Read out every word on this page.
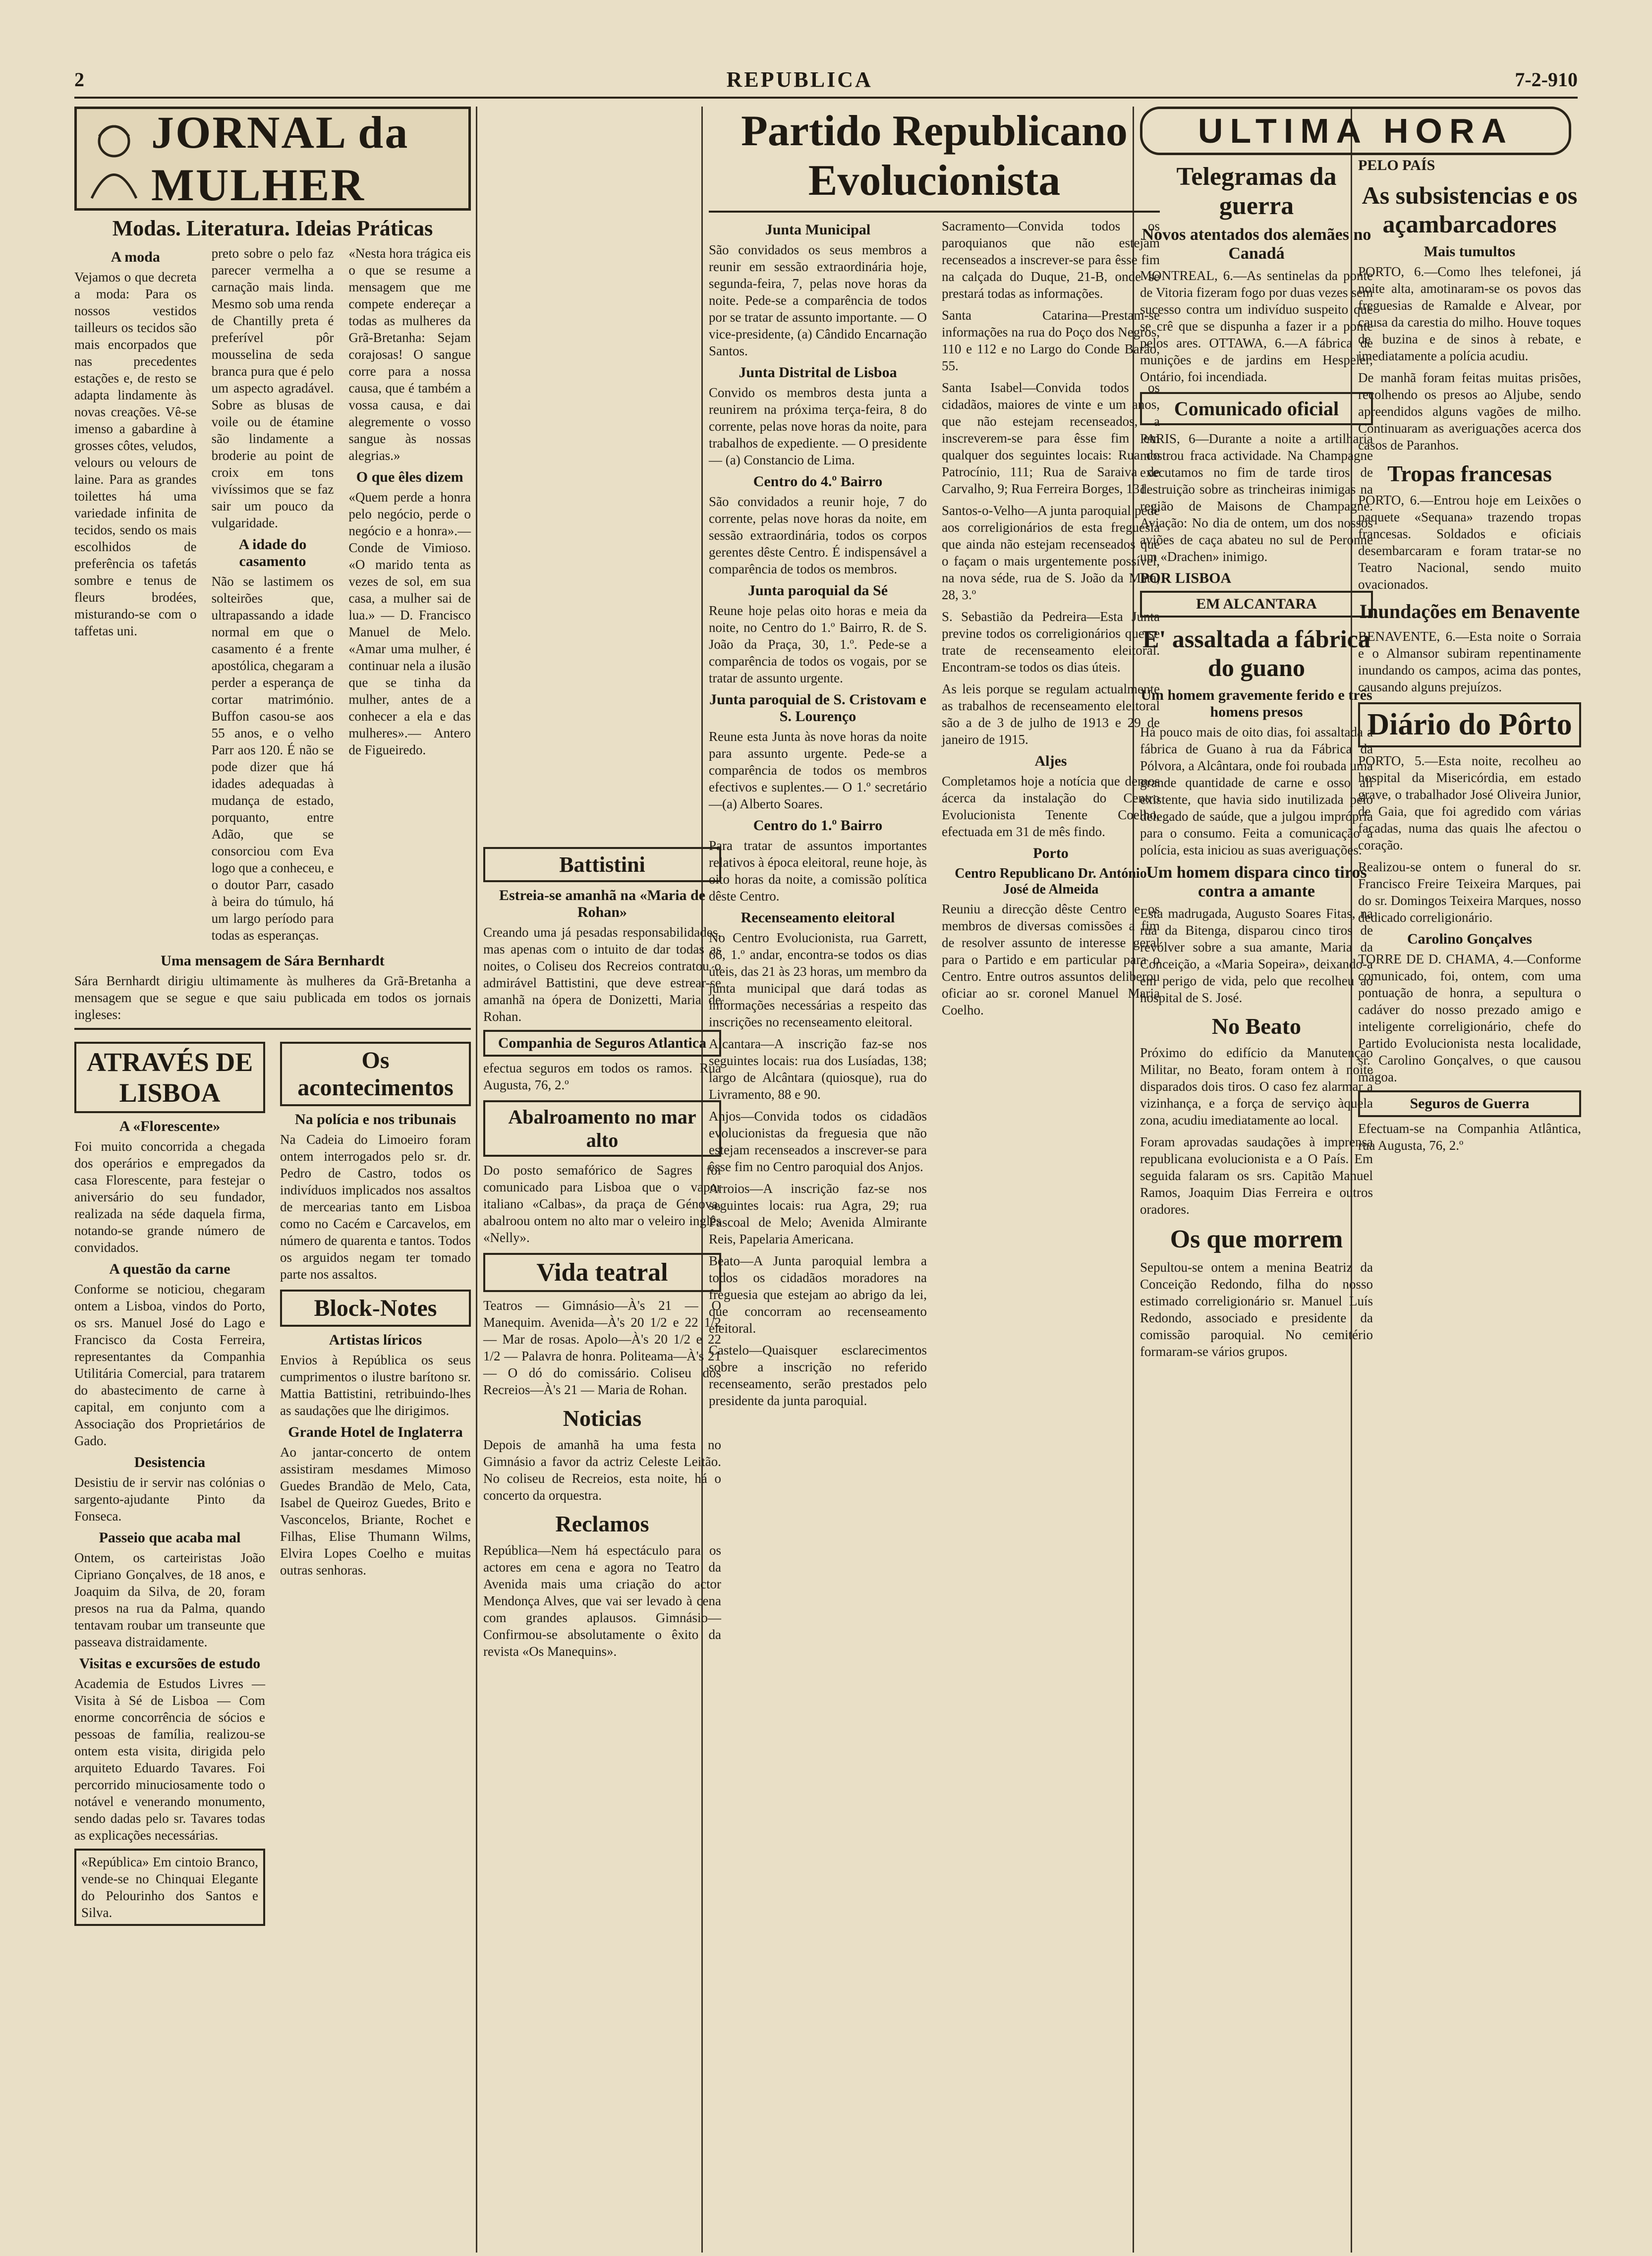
2	REPUBLICA	7-2-910
JORNAL da MULHER
Modas. Literatura. Ideias Práticas
A moda

Vejamos o que decreta a moda: Para os nossos vestidos tailleurs os tecidos são mais encorpados que nas precedentes estações e, de resto se adapta lindamente às novas creações. Vê-se imenso a gabardine à grosses côtes, veludos, velours ou velours de laine. Para as grandes toilettes há uma variedade infinita de tecidos, sendo os mais escolhidos de preferência os tafetás sombre e tenus de fleurs brodées, misturando-se com o taffetas uni.

preto sobre o pelo faz parecer vermelha a carnação mais linda. Mesmo sob uma renda de Chantilly preta é preferível pôr mousselina de seda branca pura que é pelo um aspecto agradável. Sobre as blusas de voile ou de étamine são lindamente a broderie au point de croix em tons vivíssimos que se faz sair um pouco da vulgaridade.

A idade do casamento

Não se lastimem os solteirões que, ultrapassando a idade normal em que o casamento é a frente apostólica, chegaram a perder a esperança de cortar matrimónio. Buffon casou-se aos 55 anos, e o velho Parr aos 120. É não se pode dizer que há idades adequadas à mudança de estado, porquanto, entre Adão, que se consorciou com Eva logo que a conheceu, e o doutor Parr, casado à beira do túmulo, há um largo período para todas as esperanças.

«Nesta hora trágica eis o que se resume a mensagem que me compete endereçar a todas as mulheres da Grã-Bretanha: Sejam corajosas! O sangue corre para a nossa causa, que é também a vossa causa, e dai alegremente o vosso sangue às nossas alegrias.»

O que êles dizem

«Quem perde a honra pelo negócio, perde o negócio e a honra».— Conde de Vimioso. «O marido tenta as vezes de sol, em sua casa, a mulher sai de lua.» — D. Francisco Manuel de Melo. «Amar uma mulher, é continuar nela a ilusão que se tinha da mulher, antes de a conhecer a ela e das mulheres».— Antero de Figueiredo.

Uma mensagem de Sára Bernhardt

Sára Bernhardt dirigiu ultimamente às mulheres da Grã-Bretanha a mensagem que se segue e que saiu publicada em todos os jornais ingleses:

ATRAVÉS DE LISBOA
A «Florescente»

Foi muito concorrida a chegada dos operários e empregados da casa Florescente, para festejar o aniversário do seu fundador, realizada na séde daquela firma, notando-se grande número de convidados.

A questão da carne

Conforme se noticiou, chegaram ontem a Lisboa, vindos do Porto, os srs. Manuel José do Lago e Francisco da Costa Ferreira, representantes da Companhia Utilitária Comercial, para tratarem do abastecimento de carne à capital, em conjunto com a Associação dos Proprietários de Gado.

Desistencia

Desistiu de ir servir nas colónias o sargento-ajudante Pinto da Fonseca.

Passeio que acaba mal

Ontem, os carteiristas João Cipriano Gonçalves, de 18 anos, e Joaquim da Silva, de 20, foram presos na rua da Palma, quando tentavam roubar um transeunte que passeava distraidamente.

Visitas e excursões de estudo

Academia de Estudos Livres — Visita à Sé de Lisboa — Com enorme concorrência de sócios e pessoas de família, realizou-se ontem esta visita, dirigida pelo arquiteto Eduardo Tavares. Foi percorrido minuciosamente todo o notável e venerando monumento, sendo dadas pelo sr. Tavares todas as explicações necessárias.

«República» Em cintoio Branco, vende-se no Chinquai Elegante do Pelourinho dos Santos e Silva.

Os acontecimentos
Na polícia e nos tribunais

Na Cadeia do Limoeiro foram ontem interrogados pelo sr. dr. Pedro de Castro, todos os indivíduos implicados nos assaltos de mercearias tanto em Lisboa como no Cacém e Carcavelos, em número de quarenta e tantos. Todos os arguidos negam ter tomado parte nos assaltos.

Block-Notes
Artistas líricos

Envios à República os seus cumprimentos o ilustre barítono sr. Mattia Battistini, retribuindo-lhes as saudações que lhe dirigimos.

Grande Hotel de Inglaterra

Ao jantar-concerto de ontem assistiram mesdames Mimoso Guedes Brandão de Melo, Cata, Isabel de Queiroz Guedes, Brito e Vasconcelos, Briante, Rochet e Filhas, Elise Thumann Wilms, Elvira Lopes Coelho e muitas outras senhoras.

Battistini
Estreia-se amanhã na «Maria de Rohan»

Creando uma já pesadas responsabilidades, mas apenas com o intuito de dar todas as noites, o Coliseu dos Recreios contratou o admirável Battistini, que deve estrear-se amanhã na ópera de Donizetti, Maria de Rohan.

Companhia de Seguros Atlantica

efectua seguros em todos os ramos. Rua Augusta, 76, 2.º

Abalroamento no mar alto

Do posto semafórico de Sagres foi comunicado para Lisboa que o vapor italiano «Calbas», da praça de Génova, abalroou ontem no alto mar o veleiro inglês «Nelly».

Vida teatral

Teatros — Gimnásio—À's 21 — O Manequim. Avenida—À's 20 1/2 e 22 1/2 — Mar de rosas. Apolo—À's 20 1/2 e 22 1/2 — Palavra de honra. Politeama—À's 21 — O dó do comissário. Coliseu dos Recreios—À's 21 — Maria de Rohan.

Noticias

Depois de amanhã ha uma festa no Gimnásio a favor da actriz Celeste Leitão. No coliseu de Recreios, esta noite, há o concerto da orquestra.

Reclamos

República—Nem há espectáculo para os actores em cena e agora no Teatro da Avenida mais uma criação do actor Mendonça Alves, que vai ser levado à cena com grandes aplausos. Gimnásio—Confirmou-se absolutamente o êxito da revista «Os Manequins».

Partido Republicano Evolucionista
Junta Municipal

São convidados os seus membros a reunir em sessão extraordinária hoje, segunda-feira, 7, pelas nove horas da noite. Pede-se a comparência de todos por se tratar de assunto importante. — O vice-presidente, (a) Cândido Encarnação Santos.

Junta Distrital de Lisboa

Convido os membros desta junta a reunirem na próxima terça-feira, 8 do corrente, pelas nove horas da noite, para trabalhos de expediente. — O presidente — (a) Constancio de Lima.

Centro do 4.º Bairro

São convidados a reunir hoje, 7 do corrente, pelas nove horas da noite, em sessão extraordinária, todos os corpos gerentes dêste Centro. É indispensável a comparência de todos os membros.

Junta paroquial da Sé

Reune hoje pelas oito horas e meia da noite, no Centro do 1.º Bairro, R. de S. João da Praça, 30, 1.º. Pede-se a comparência de todos os vogais, por se tratar de assunto urgente.

Junta paroquial de S. Cristovam e S. Lourenço

Reune esta Junta às nove horas da noite para assunto urgente. Pede-se a comparência de todos os membros efectivos e suplentes.— O 1.º secretário—(a) Alberto Soares.

Centro do 1.º Bairro

Para tratar de assuntos importantes relativos à época eleitoral, reune hoje, às oito horas da noite, a comissão política dêste Centro.

Recenseamento eleitoral

No Centro Evolucionista, rua Garrett, 66, 1.º andar, encontra-se todos os dias úteis, das 21 às 23 horas, um membro da junta municipal que dará todas as informações necessárias a respeito das inscrições no recenseamento eleitoral.

Alcantara—A inscrição faz-se nos seguintes locais: rua dos Lusíadas, 138; largo de Alcântara (quiosque), rua do Livramento, 88 e 90.

Anjos—Convida todos os cidadãos evolucionistas da freguesia que não estejam recenseados a inscrever-se para êsse fim no Centro paroquial dos Anjos.

Arroios—A inscrição faz-se nos seguintes locais: rua Agra, 29; rua Pascoal de Melo; Avenida Almirante Reis, Papelaria Americana.

Beato—A Junta paroquial lembra a todos os cidadãos moradores na freguesia que estejam ao abrigo da lei, que concorram ao recenseamento eleitoral.

Castelo—Quaisquer esclarecimentos sobre a inscrição no referido recenseamento, serão prestados pelo presidente da junta paroquial.

Sacramento—Convida todos os paroquianos que não estejam recenseados a inscrever-se para êsse fim na calçada do Duque, 21-B, onde se prestará todas as informações.

Santa Catarina—Prestam-se informações na rua do Poço dos Negros, 110 e 112 e no Largo do Conde Barão, 55.

Santa Isabel—Convida todos os cidadãos, maiores de vinte e um anos, que não estejam recenseados, a inscreverem-se para êsse fim em qualquer dos seguintes locais: Rua do Patrocínio, 111; Rua de Saraiva de Carvalho, 9; Rua Ferreira Borges, 131.

Santos-o-Velho—A junta paroquial pede aos correligionários de esta freguesia que ainda não estejam recenseados que o façam o mais urgentemente possível, na nova séde, rua de S. João da Mata, 28, 3.º

S. Sebastião da Pedreira—Esta Junta previne todos os correligionários que se trate de recenseamento eleitoral. Encontram-se todos os dias úteis.

As leis porque se regulam actualmente as trabalhos de recenseamento eleitoral são a de 3 de julho de 1913 e 29 de janeiro de 1915.

Aljes

Completamos hoje a notícia que demos ácerca da instalação do Centro Evolucionista Tenente Coelho, efectuada em 31 de mês findo.

Porto
Centro Republicano Dr. António José de Almeida

Reuniu a direcção dêste Centro e os membros de diversas comissões a fim de resolver assunto de interesse geral para o Partido e em particular para o Centro. Entre outros assuntos deliberou oficiar ao sr. coronel Manuel Maria Coelho.

ULTIMA HORA
Telegramas da guerra
Novos atentados dos alemães no Canadá

MONTREAL, 6.—As sentinelas da ponte de Vitoria fizeram fogo por duas vezes sem sucesso contra um indivíduo suspeito que se crê que se dispunha a fazer ir a ponte pelos ares. OTTAWA, 6.—A fábrica de munições e de jardins em Hespeler, Ontário, foi incendiada.

Comunicado oficial

PARIS, 6—Durante a noite a artilharia mostrou fraca actividade. Na Champagne executamos no fim de tarde tiros de destruição sobre as trincheiras inimigas na região de Maisons de Champagne. Aviação: No dia de ontem, um dos nossos aviões de caça abateu no sul de Peronne um «Drachen» inimigo.

POR LISBOA
EM ALCANTARA
E' assaltada a fábrica do guano
Um homem gravemente ferido e três homens presos

Há pouco mais de oito dias, foi assaltada a fábrica de Guano à rua da Fábrica da Pólvora, a Alcântara, onde foi roubada uma grande quantidade de carne e osso ali existente, que havia sido inutilizada pelo delegado de saúde, que a julgou imprópria para o consumo. Feita a comunicação à polícia, esta iniciou as suas averiguações.

Um homem dispara cinco tiros contra a amante

Esta madrugada, Augusto Soares Fitas, na rua da Bitenga, disparou cinco tiros de revólver sobre a sua amante, Maria da Conceição, a «Maria Sopeira», deixando-a em perigo de vida, pelo que recolheu ao hospital de S. José.

No Beato

Próximo do edifício da Manutenção Militar, no Beato, foram ontem à noite disparados dois tiros. O caso fez alarmar a vizinhança, e a força de serviço àquela zona, acudiu imediatamente ao local.

Foram aprovadas saudações à imprensa republicana evolucionista e a O País. Em seguida falaram os srs. Capitão Manuel Ramos, Joaquim Dias Ferreira e outros oradores.

Os que morrem

Sepultou-se ontem a menina Beatriz da Conceição Redondo, filha do nosso estimado correligionário sr. Manuel Luís Redondo, associado e presidente da comissão paroquial. No cemitério formaram-se vários grupos.

PELO PAÍS
As subsistencias e os açambarcadores
Mais tumultos

PORTO, 6.—Como lhes telefonei, já noite alta, amotinaram-se os povos das freguesias de Ramalde e Alvear, por causa da carestia do milho. Houve toques de buzina e de sinos à rebate, e imediatamente a polícia acudiu.

De manhã foram feitas muitas prisões, recolhendo os presos ao Aljube, sendo apreendidos alguns vagões de milho. Continuaram as averiguações acerca dos casos de Paranhos.

Tropas francesas

PORTO, 6.—Entrou hoje em Leixões o paquete «Sequana» trazendo tropas francesas. Soldados e oficiais desembarcaram e foram tratar-se no Teatro Nacional, sendo muito ovacionados.

Inundações em Benavente

BENAVENTE, 6.—Esta noite o Sorraia e o Almansor subiram repentinamente inundando os campos, acima das pontes, causando alguns prejuízos.

Diário do Pôrto

PORTO, 5.—Esta noite, recolheu ao hospital da Misericórdia, em estado grave, o trabalhador José Oliveira Junior, de Gaia, que foi agredido com várias facadas, numa das quais lhe afectou o coração.

Realizou-se ontem o funeral do sr. Francisco Freire Teixeira Marques, pai do sr. Domingos Teixeira Marques, nosso dedicado correligionário.

Carolino Gonçalves

TORRE DE D. CHAMA, 4.—Conforme comunicado, foi, ontem, com uma pontuação de honra, a sepultura o cadáver do nosso prezado amigo e inteligente correligionário, chefe do Partido Evolucionista nesta localidade, sr. Carolino Gonçalves, o que causou mágoa.

Seguros de Guerra

Efectuam-se na Companhia Atlântica, rua Augusta, 76, 2.º
